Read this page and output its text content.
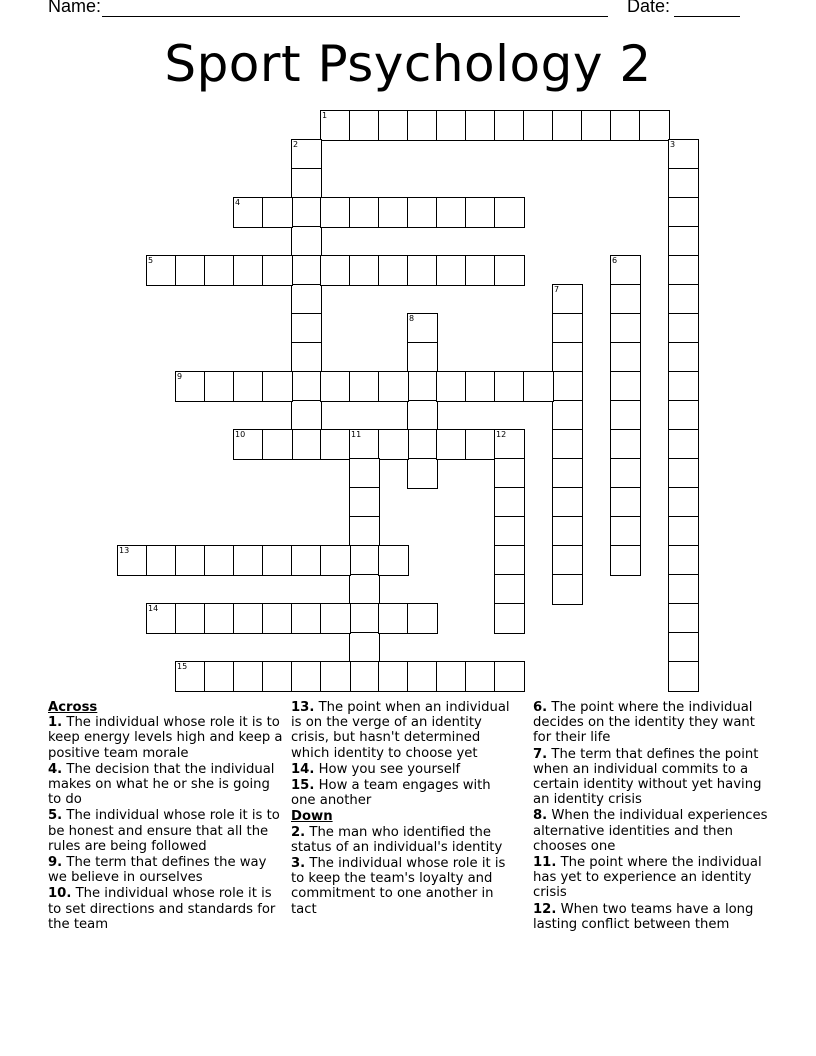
Name:	Date:
Sport Psychology 2
1
2	3
4
5	6
7
8
9
10	11	12
13
14
15
Across
1. The individual whose role it is to keep energy levels high and keep a positive team morale
4. The decision that the individual makes on what he or she is going to do
5. The individual whose role it is to be honest and ensure that all the rules are being followed
9. The term that defines the way we believe in ourselves
10. The individual whose role it is to set directions and standards for the team
13. The point when an individual is on the verge of an identity crisis, but hasn't determined which identity to choose yet
14. How you see yourself
15. How a team engages with one another
Down
2. The man who identified the status of an individual's identity
3. The individual whose role it is to keep the team's loyalty and commitment to one another in tact
6. The point where the individual decides on the identity they want for their life
7. The term that defines the point when an individual commits to a certain identity without yet having an identity crisis
8. When the individual experiences alternative identities and then chooses one
11. The point where the individual has yet to experience an identity crisis
12. When two teams have a long lasting conflict between them
